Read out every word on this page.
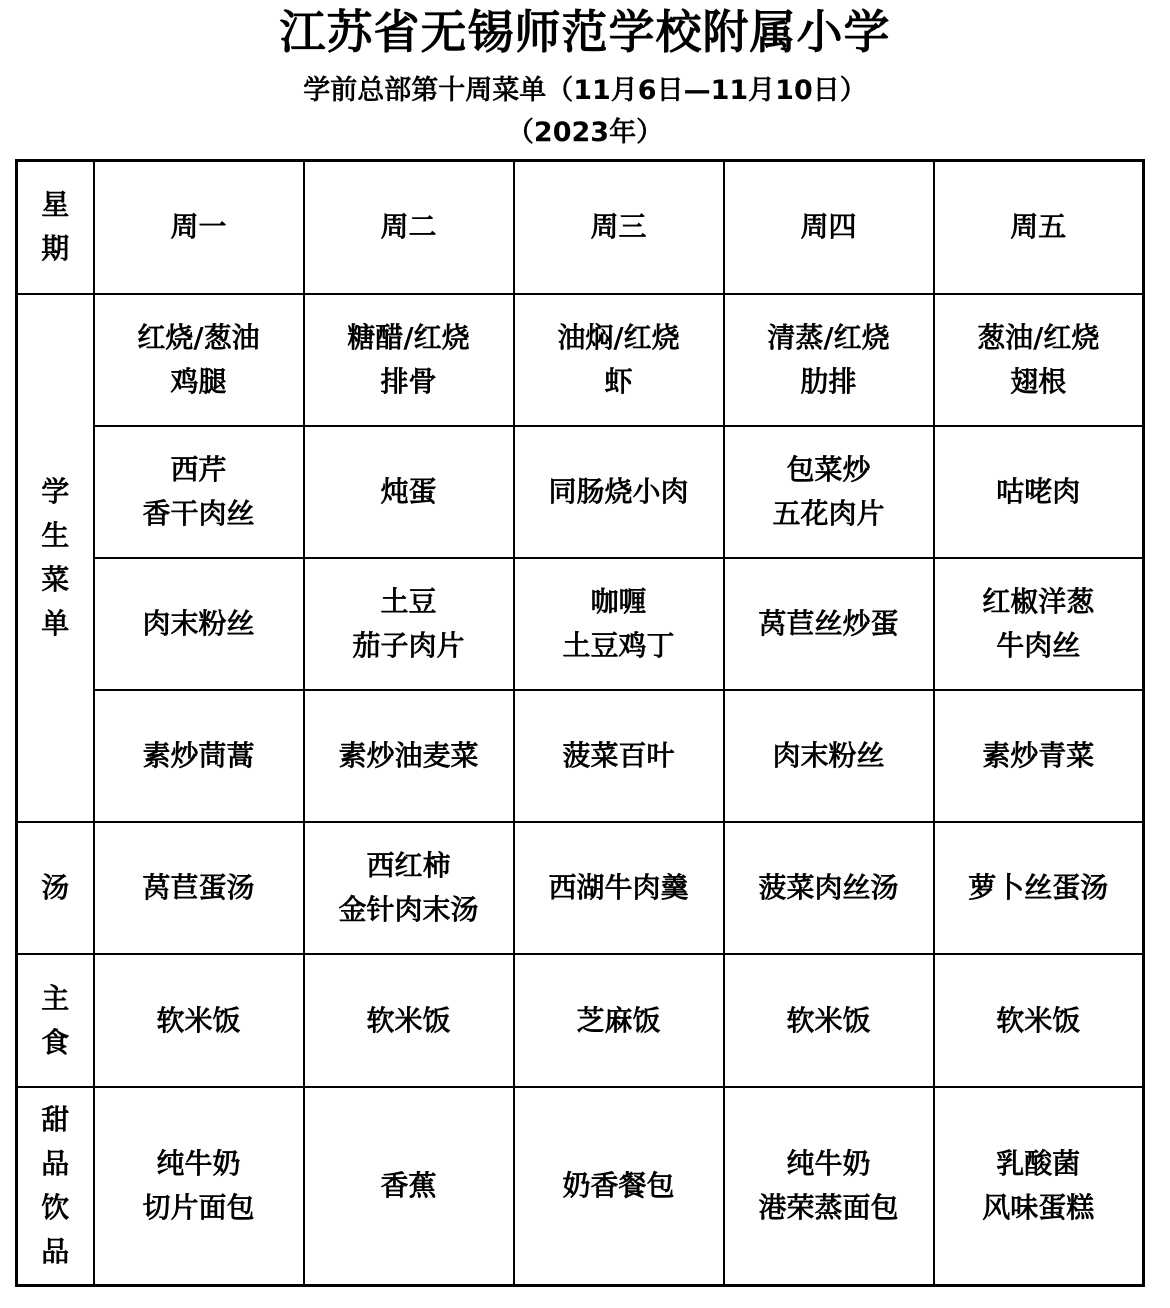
江苏省无锡师范学校附属小学
学前总部第十周菜单（11月6日—11月10日）
（2023年）
星
期	周一	周二	周三	周四	周五

学
生
菜
单	红烧/葱油
鸡腿	糖醋/红烧
排骨	油焖/红烧
虾	清蒸/红烧
肋排	葱油/红烧
翅根

	西芹
香干肉丝	炖蛋	同肠烧小肉	包菜炒
五花肉片	咕咾肉

	肉末粉丝	土豆
茄子肉片	咖喱
土豆鸡丁	莴苣丝炒蛋	红椒洋葱
牛肉丝

	素炒茼蒿	素炒油麦菜	菠菜百叶	肉末粉丝	素炒青菜

汤	莴苣蛋汤	西红柿
金针肉末汤	西湖牛肉羹	菠菜肉丝汤	萝卜丝蛋汤

主
食	软米饭	软米饭	芝麻饭	软米饭	软米饭

甜
品
饮
品	纯牛奶
切片面包	香蕉	奶香餐包	纯牛奶
港荣蒸面包	乳酸菌
风味蛋糕
